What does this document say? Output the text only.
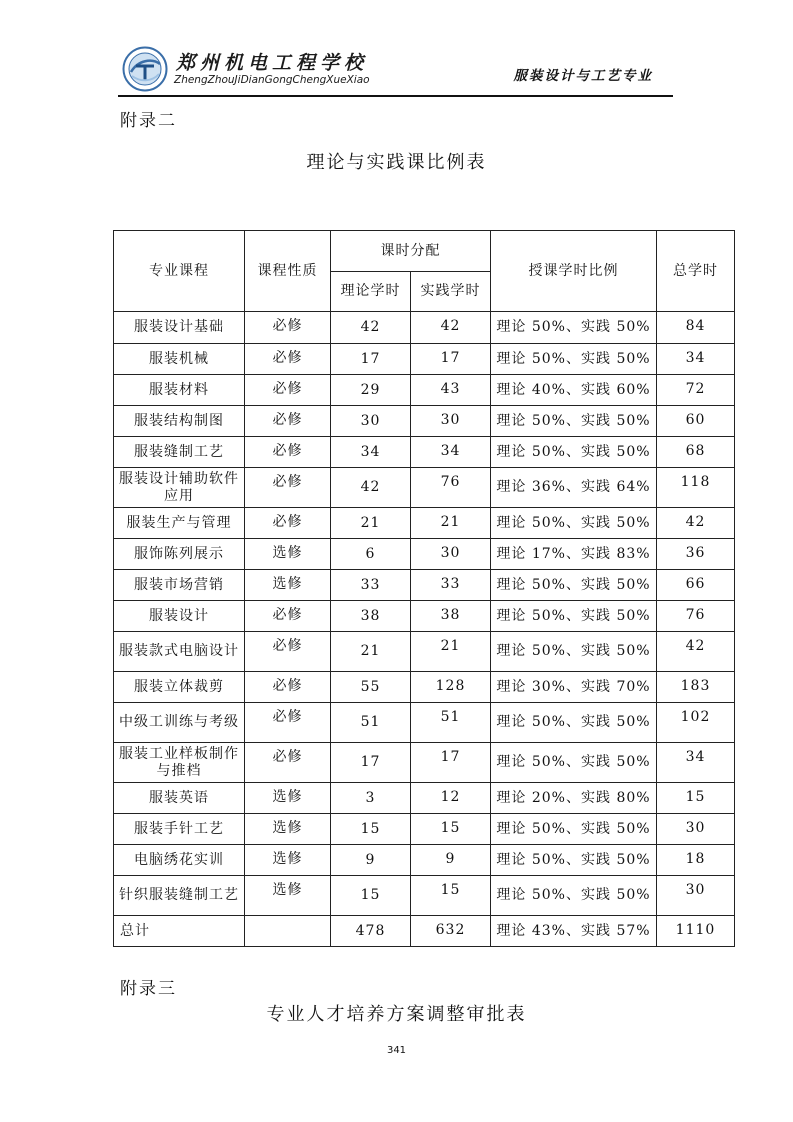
郑州机电工程学校
ZhengZhouJiDianGongChengXueXiao	服装设计与工艺专业
附录二
理论与实践课比例表
专业课程	课程性质	课时分配		授课学时比例	总学时
		理论学时	实践学时		
服装设计基础	必修	42	42	理论 50%、实践 50%	84
服装机械	必修	17	17	理论 50%、实践 50%	34
服装材料	必修	29	43	理论 40%、实践 60%	72
服装结构制图	必修	30	30	理论 50%、实践 50%	60
服装缝制工艺	必修	34	34	理论 50%、实践 50%	68
服装设计辅助软件应用	必修	42	76	理论 36%、实践 64%	118
服装生产与管理	必修	21	21	理论 50%、实践 50%	42
服饰陈列展示	选修	6	30	理论 17%、实践 83%	36
服装市场营销	选修	33	33	理论 50%、实践 50%	66
服装设计	必修	38	38	理论 50%、实践 50%	76
服装款式电脑设计	必修	21	21	理论 50%、实践 50%	42
服装立体裁剪	必修	55	128	理论 30%、实践 70%	183
中级工训练与考级	必修	51	51	理论 50%、实践 50%	102
服装工业样板制作与推档	必修	17	17	理论 50%、实践 50%	34
服装英语	选修	3	12	理论 20%、实践 80%	15
服装手针工艺	选修	15	15	理论 50%、实践 50%	30
电脑绣花实训	选修	9	9	理论 50%、实践 50%	18
针织服装缝制工艺	选修	15	15	理论 50%、实践 50%	30
总计		478	632	理论 43%、实践 57%	1110
附录三
专业人才培养方案调整审批表
341
